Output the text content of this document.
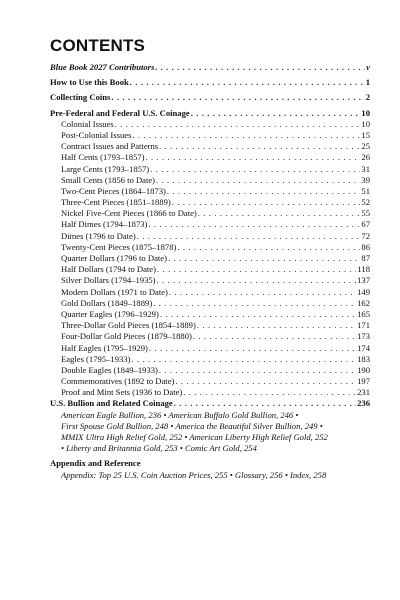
CONTENTS
Blue Book 2027 Contributors . . .	v
How to Use this Book . . .	1
Collecting Coins . . .	2
Pre-Federal and Federal U.S. Coinage . . .	10
Colonial Issues . . .	10
Post-Colonial Issues . . .	15
Contract Issues and Patterns . . .	25
Half Cents (1793–1857) . . .	26
Large Cents (1793–1857) . . .	31
Small Cents (1856 to Date) . . .	39
Two-Cent Pieces (1864–1873) . . .	51
Three-Cent Pieces (1851–1889) . . .	52
Nickel Five-Cent Pieces (1866 to Date) . . .	55
Half Dimes (1794–1873) . . .	67
Dimes (1796 to Date) . . .	72
Twenty-Cent Pieces (1875–1878) . . .	86
Quarter Dollars (1796 to Date) . . .	87
Half Dollars (1794 to Date) . . .	118
Silver Dollars (1794–1935) . . .	137
Modern Dollars (1971 to Date) . . .	149
Gold Dollars (1849–1889) . . .	162
Quarter Eagles (1796–1929) . . .	165
Three-Dollar Gold Pieces (1854–1889) . . .	171
Four-Dollar Gold Pieces (1879–1880) . . .	173
Half Eagles (1795–1929) . . .	174
Eagles (1795–1933) . . .	183
Double Eagles (1849–1933) . . .	190
Commemoratives (1892 to Date) . . .	197
Proof and Mint Sets (1936 to Date) . . .	231
U.S. Bullion and Related Coinage . . .	236
American Eagle Bullion, 236 • American Buffalo Gold Bullion, 246 •
First Spouse Gold Bullion, 248 • America the Beautiful Silver Bullion, 249 •
MMIX Ultra High Relief Gold, 252 • American Liberty High Relief Gold, 252
• Liberty and Britannia Gold, 253 • Comic Art Gold, 254
Appendix and Reference
Appendix: Top 25 U.S. Coin Auction Prices, 255 • Glossary, 256 • Index, 258
